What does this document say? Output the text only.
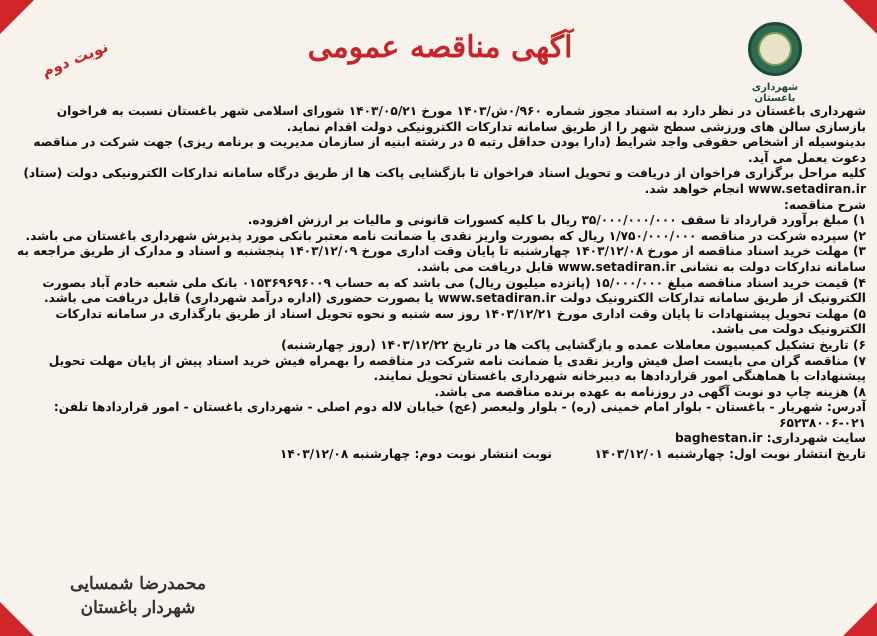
شهرداری باغستان
آگهی مناقصه عمومی
نوبت دوم

شهرداری باغستان در نظر دارد به استناد مجوز شماره ۰/۹۶۰ش/۱۴۰۳ مورخ ۱۴۰۳/۰۵/۲۱ شورای اسلامی شهر باغستان نسبت به فراخوان بازسازی سالن های ورزشی سطح شهر را از طریق سامانه تدارکات الکترونیکی دولت اقدام نماید.

بدینوسیله از اشخاص حقوقی واجد شرایط (دارا بودن حداقل رتبه ۵ در رشته ابنیه از سازمان مدیریت و برنامه ریزی) جهت شرکت در مناقصه دعوت بعمل می آید.

کلیه مراحل برگزاری فراخوان از دریافت و تحویل اسناد فراخوان تا بازگشایی پاکت ها از طریق درگاه سامانه تدارکات الکترونیکی دولت (ستاد) www.setadiran.ir انجام خواهد شد.

شرح مناقصه:

۱) مبلغ برآورد قرارداد تا سقف ۳۵/۰۰۰/۰۰۰/۰۰۰ ریال با کلیه کسورات قانونی و مالیات بر ارزش افزوده.

۲) سپرده شرکت در مناقصه ۱/۷۵۰/۰۰۰/۰۰۰ ریال که بصورت واریز نقدی یا ضمانت نامه معتبر بانکی مورد پذیرش شهرداری باغستان می باشد.

۳) مهلت خرید اسناد مناقصه از مورخ ۱۴۰۳/۱۲/۰۸ چهارشنبه تا پایان وقت اداری مورخ ۱۴۰۳/۱۲/۰۹ پنجشنبه و اسناد و مدارک از طریق مراجعه به سامانه تدارکات دولت به نشانی www.setadiran.ir قابل دریافت می باشد.

۴) قیمت خرید اسناد مناقصه مبلغ ۱۵/۰۰۰/۰۰۰ (پانزده میلیون ریال) می باشد که به حساب ۰۱۵۳۶۹۶۹۶۰۰۹ بانک ملی شعبه خادم آباد بصورت الکترونیک از طریق سامانه تدارکات الکترونیک دولت www.setadiran.ir یا بصورت حضوری (اداره درآمد شهرداری) قابل دریافت می باشد.

۵) مهلت تحویل پیشنهادات تا پایان وقت اداری مورخ ۱۴۰۳/۱۲/۲۱ روز سه شنبه و نحوه تحویل اسناد از طریق بارگذاری در سامانه تدارکات الکترونیک دولت می باشد.

۶) تاریخ تشکیل کمیسیون معاملات عمده و بازگشایی پاکت ها در تاریخ ۱۴۰۳/۱۲/۲۲ (روز چهارشنبه)

۷) مناقصه گران می بایست اصل فیش واریز نقدی یا ضمانت نامه شرکت در مناقصه را بهمراه فیش خرید اسناد پیش از پایان مهلت تحویل پیشنهادات با هماهنگی امور قراردادها به دبیرخانه شهرداری باغستان تحویل نمایند.

۸) هزینه چاپ دو نوبت آگهی در روزنامه به عهده برنده مناقصه می باشد.

آدرس: شهریار - باغستان - بلوار امام خمینی (ره) - بلوار ولیعصر (عج) خیابان لاله دوم اصلی - شهرداری باغستان - امور قراردادها تلفن: ۰۲۱-۶۵۲۳۸۰۰۶

سایت شهرداری: baghestan.ir

تاریخ انتشار نوبت اول: چهارشنبه ۱۴۰۳/۱۲/۰۱          نوبت انتشار نوبت دوم: چهارشنبه ۱۴۰۳/۱۲/۰۸

محمدرضا شمسایی
شهردار باغستان
